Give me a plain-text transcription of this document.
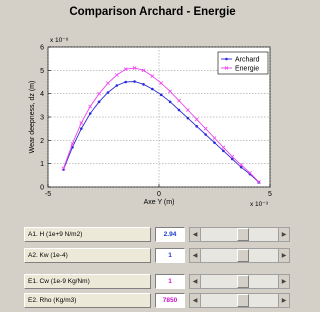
Comparison Archard - Energie
0
1
2
3
4
5
6
-5	0	5
x 10⁻⁸
x 10⁻³
Axe Y (m)
Wear deepness, dz (m)
Archard
Energie
A1. H (1e+9 N/m2)	2.94	◀	▶
A2. Kw (1e-4)	1	◀	▶
E1. Cw (1e-9 Kg/Nm)	1	◀	▶
E2. Rho (Kg/m3)	7850	◀	▶
